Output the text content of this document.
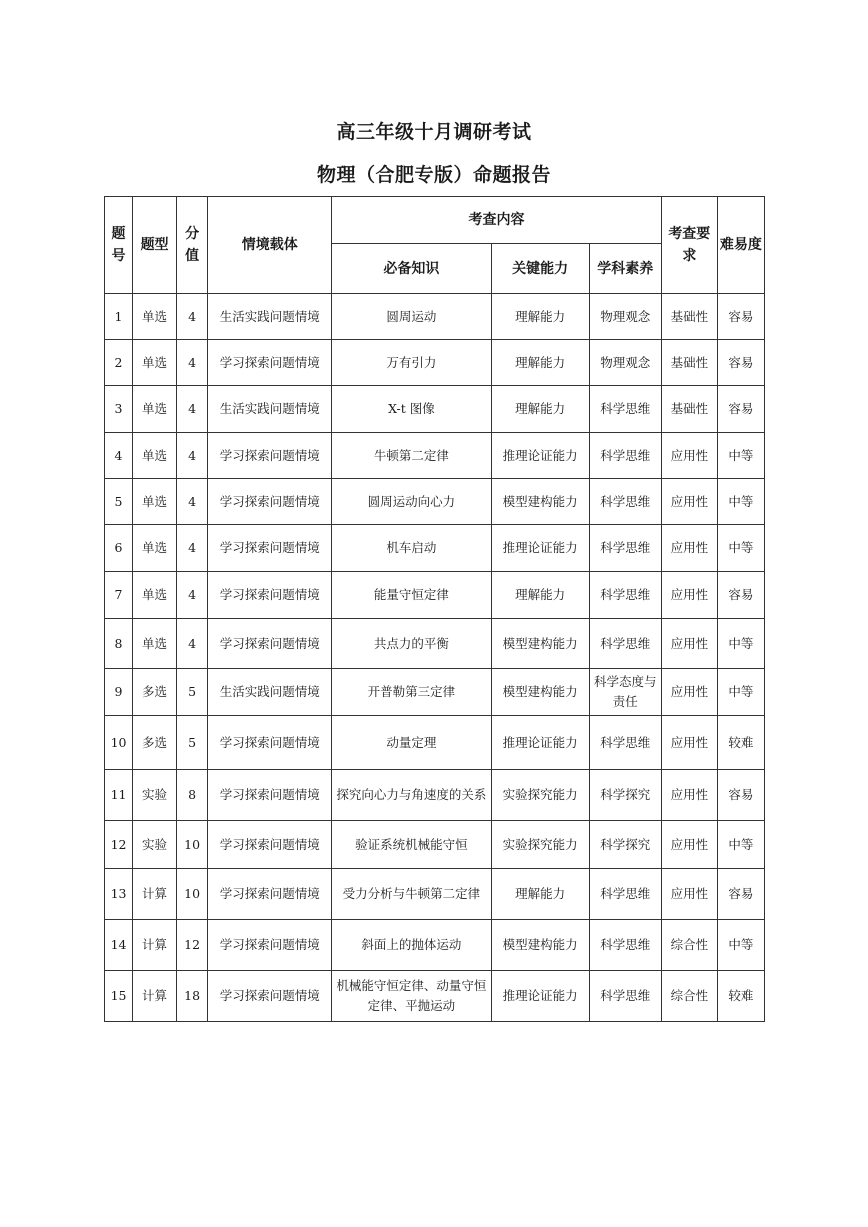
高三年级十月调研考试
物理（合肥专版）命题报告
题号	题型	分值	情境载体	考查内容			考查要求	难易度
				必备知识	关键能力	学科素养		
1	单选	4	生活实践问题情境	圆周运动	理解能力	物理观念	基础性	容易
2	单选	4	学习探索问题情境	万有引力	理解能力	物理观念	基础性	容易
3	单选	4	生活实践问题情境	X-t 图像	理解能力	科学思维	基础性	容易
4	单选	4	学习探索问题情境	牛顿第二定律	推理论证能力	科学思维	应用性	中等
5	单选	4	学习探索问题情境	圆周运动向心力	模型建构能力	科学思维	应用性	中等
6	单选	4	学习探索问题情境	机车启动	推理论证能力	科学思维	应用性	中等
7	单选	4	学习探索问题情境	能量守恒定律	理解能力	科学思维	应用性	容易
8	单选	4	学习探索问题情境	共点力的平衡	模型建构能力	科学思维	应用性	中等
9	多选	5	生活实践问题情境	开普勒第三定律	模型建构能力	科学态度与责任	应用性	中等
10	多选	5	学习探索问题情境	动量定理	推理论证能力	科学思维	应用性	较难
11	实验	8	学习探索问题情境	探究向心力与角速度的关系	实验探究能力	科学探究	应用性	容易
12	实验	10	学习探索问题情境	验证系统机械能守恒	实验探究能力	科学探究	应用性	中等
13	计算	10	学习探索问题情境	受力分析与牛顿第二定律	理解能力	科学思维	应用性	容易
14	计算	12	学习探索问题情境	斜面上的抛体运动	模型建构能力	科学思维	综合性	中等
15	计算	18	学习探索问题情境	机械能守恒定律、动量守恒定律、平抛运动	推理论证能力	科学思维	综合性	较难
